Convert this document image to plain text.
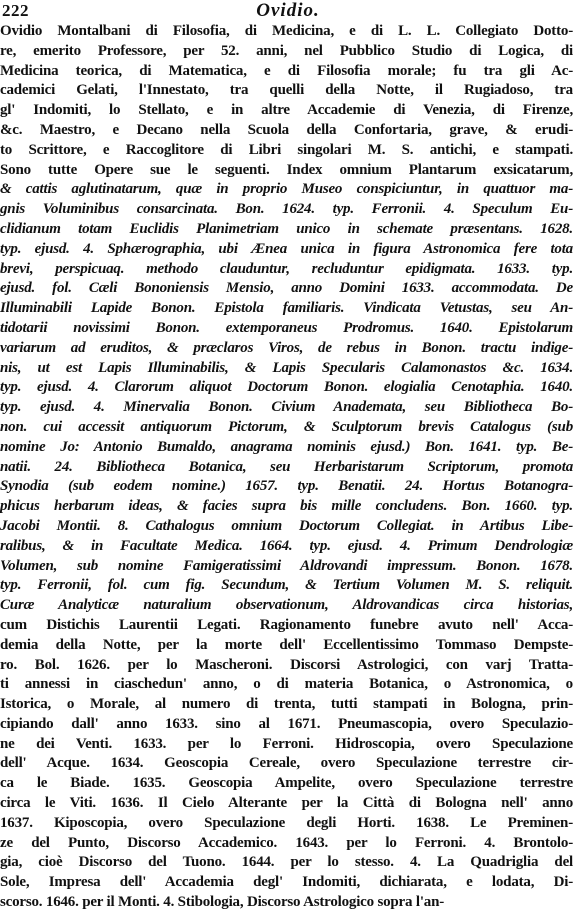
222	Ovidio.
Ovidio Montalbani di Filosofia, di Medicina, e di L. L. Collegiato Dotto-
re, emerito Professore, per 52. anni, nel Pubblico Studio di Logica, di
Medicina teorica, di Matematica, e di Filosofia morale; fu tra gli Ac-
cademici Gelati, l'Innestato, tra quelli della Notte, il Rugiadoso, tra
gl' Indomiti, lo Stellato, e in altre Accademie di Venezia, di Firenze,
&c. Maestro, e Decano nella Scuola della Confortaria, grave, & erudi-
to Scrittore, e Raccoglitore di Libri singolari M. S. antichi, e stampati.
Sono tutte Opere sue le seguenti. Index omnium Plantarum exsicatarum,
& cattis aglutinatarum, quæ in proprio Museo conspiciuntur, in quattuor ma-
gnis Voluminibus consarcinata. Bon. 1624. typ. Ferronii. 4. Speculum Eu-
clidianum totam Euclidis Planimetriam unico in schemate præsentans. 1628.
typ. ejusd. 4. Sphærographia, ubi Ænea unica in figura Astronomica fere tota
brevi, perspicuaq. methodo clauduntur, recluduntur epidigmata. 1633. typ.
ejusd. fol. Cæli Bononiensis Mensio, anno Domini 1633. accommodata. De
Illuminabili Lapide Bonon. Epistola familiaris. Vindicata Vetustas, seu An-
tidotarii novissimi Bonon. extemporaneus Prodromus. 1640. Epistolarum
variarum ad eruditos, & præclaros Viros, de rebus in Bonon. tractu indige-
nis, ut est Lapis Illuminabilis, & Lapis Specularis Calamonastos &c. 1634.
typ. ejusd. 4. Clarorum aliquot Doctorum Bonon. elogialia Cenotaphia. 1640.
typ. ejusd. 4. Minervalia Bonon. Civium Anademata, seu Bibliotheca Bo-
non. cui accessit antiquorum Pictorum, & Sculptorum brevis Catalogus (sub
nomine Jo: Antonio Bumaldo, anagrama nominis ejusd.) Bon. 1641. typ. Be-
natii. 24. Bibliotheca Botanica, seu Herbaristarum Scriptorum, promota
Synodia (sub eodem nomine.) 1657. typ. Benatii. 24. Hortus Botanogra-
phicus herbarum ideas, & facies supra bis mille concludens. Bon. 1660. typ.
Jacobi Montii. 8. Cathalogus omnium Doctorum Collegiat. in Artibus Libe-
ralibus, & in Facultate Medica. 1664. typ. ejusd. 4. Primum Dendrologiæ
Volumen, sub nomine Famigeratissimi Aldrovandi impressum. Bonon. 1678.
typ. Ferronii, fol. cum fig. Secundum, & Tertium Volumen M. S. reliquit.
Curæ Analyticæ naturalium observationum, Aldrovandicas circa historias,
cum Distichis Laurentii Legati. Ragionamento funebre avuto nell' Acca-
demia della Notte, per la morte dell' Eccellentissimo Tommaso Dempste-
ro. Bol. 1626. per lo Mascheroni. Discorsi Astrologici, con varj Tratta-
ti annessi in ciaschedun' anno, o di materia Botanica, o Astronomica, o
Istorica, o Morale, al numero di trenta, tutti stampati in Bologna, prin-
cipiando dall' anno 1633. sino al 1671. Pneumascopia, overo Speculazio-
ne dei Venti. 1633. per lo Ferroni. Hidroscopia, overo Speculazione
dell' Acque. 1634. Geoscopia Cereale, overo Speculazione terrestre cir-
ca le Biade. 1635. Geoscopia Ampelite, overo Speculazione terrestre
circa le Viti. 1636. Il Cielo Alterante per la Città di Bologna nell' anno
1637. Kiposcopia, overo Speculazione degli Horti. 1638. Le Preminen-
ze del Punto, Discorso Accademico. 1643. per lo Ferroni. 4. Brontolo-
gia, cioè Discorso del Tuono. 1644. per lo stesso. 4. La Quadriglia del
Sole, Impresa dell' Accademia degl' Indomiti, dichiarata, e lodata, Di-
scorso. 1646. per il Monti. 4. Stibologia, Discorso Astrologico sopra l'an-
